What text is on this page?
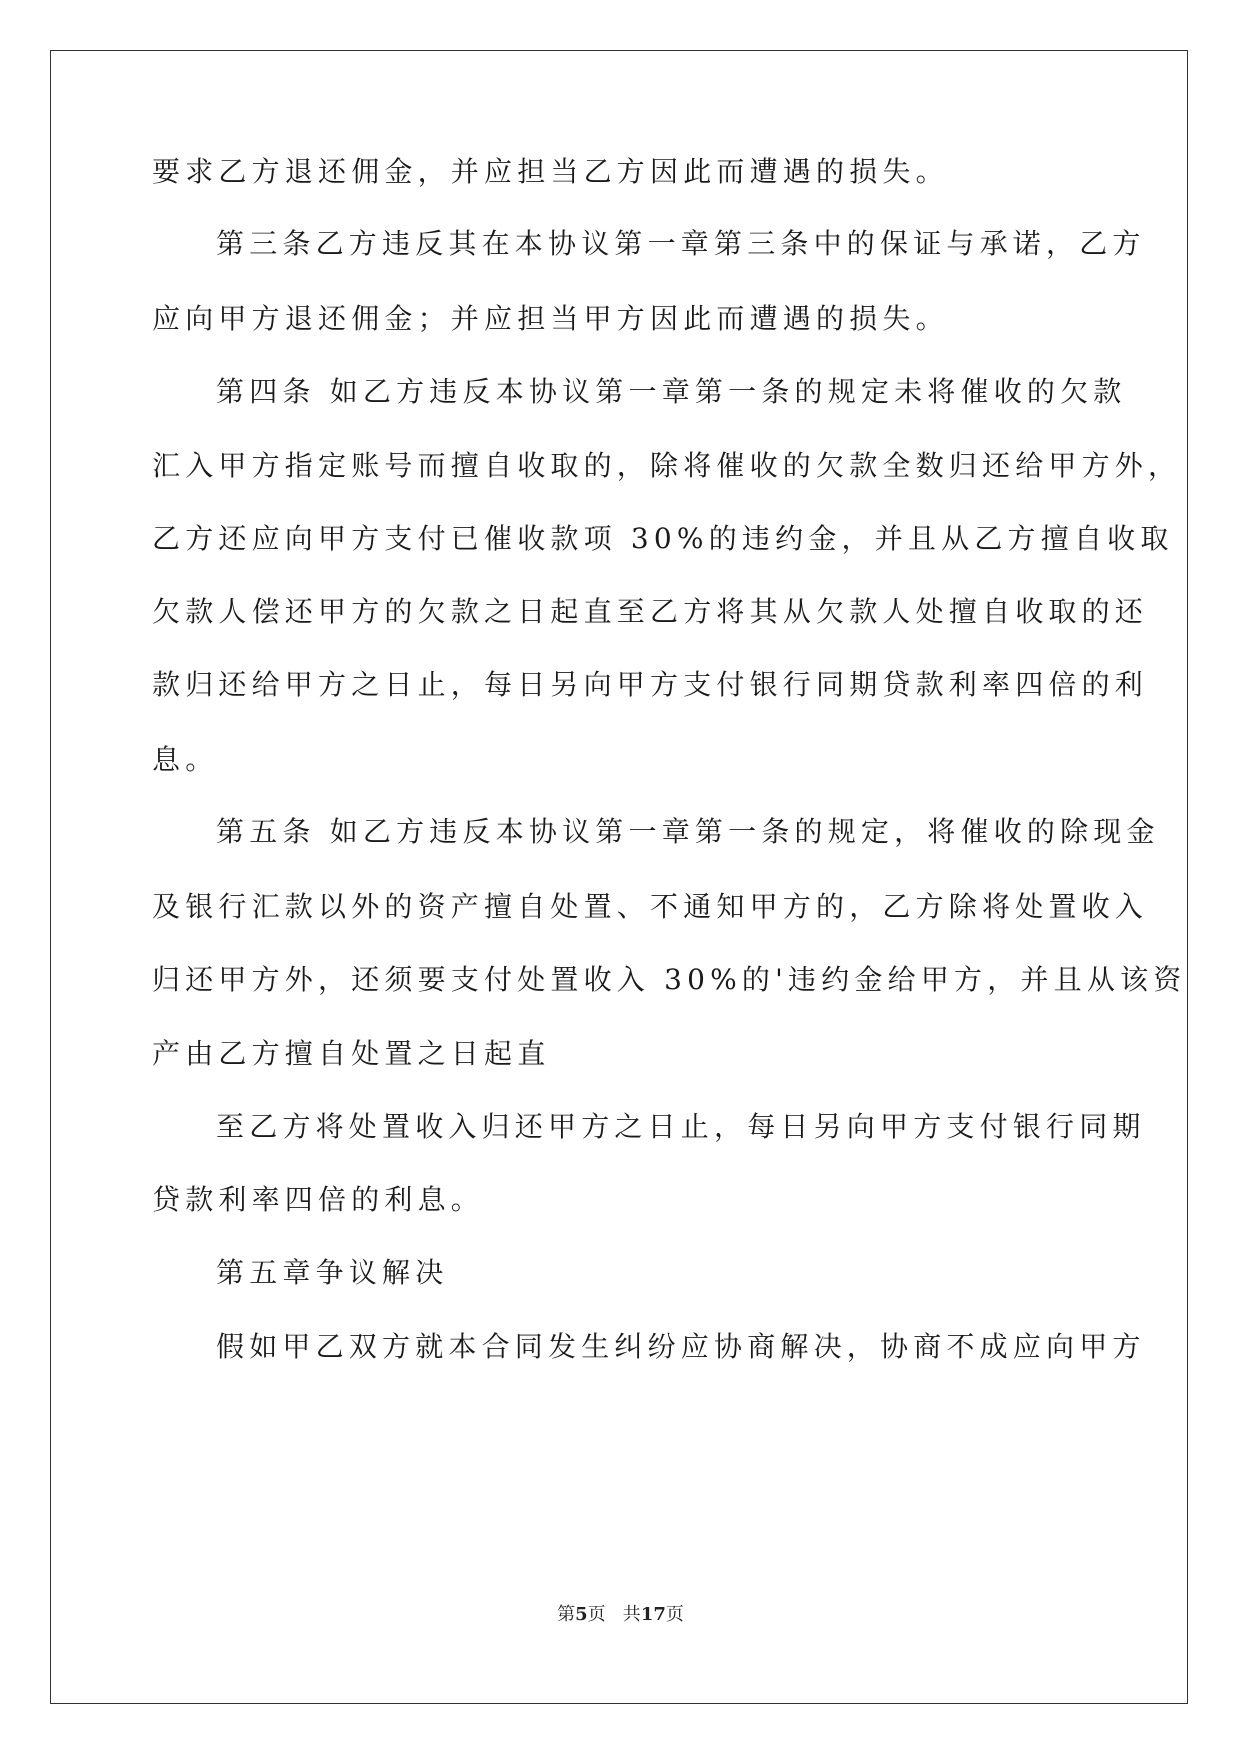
要求乙方退还佣金，并应担当乙方因此而遭遇的损失。
第三条乙方违反其在本协议第一章第三条中的保证与承诺，乙方
应向甲方退还佣金；并应担当甲方因此而遭遇的损失。
第四条 如乙方违反本协议第一章第一条的规定未将催收的欠款
汇入甲方指定账号而擅自收取的，除将催收的欠款全数归还给甲方外，
乙方还应向甲方支付已催收款项 30%的违约金，并且从乙方擅自收取
欠款人偿还甲方的欠款之日起直至乙方将其从欠款人处擅自收取的还
款归还给甲方之日止，每日另向甲方支付银行同期贷款利率四倍的利
息。
第五条 如乙方违反本协议第一章第一条的规定，将催收的除现金
及银行汇款以外的资产擅自处置、不通知甲方的，乙方除将处置收入
归还甲方外，还须要支付处置收入 30%的'违约金给甲方，并且从该资
产由乙方擅自处置之日起直
至乙方将处置收入归还甲方之日止，每日另向甲方支付银行同期
贷款利率四倍的利息。
第五章争议解决
假如甲乙双方就本合同发生纠纷应协商解决，协商不成应向甲方
第5页   共17页
